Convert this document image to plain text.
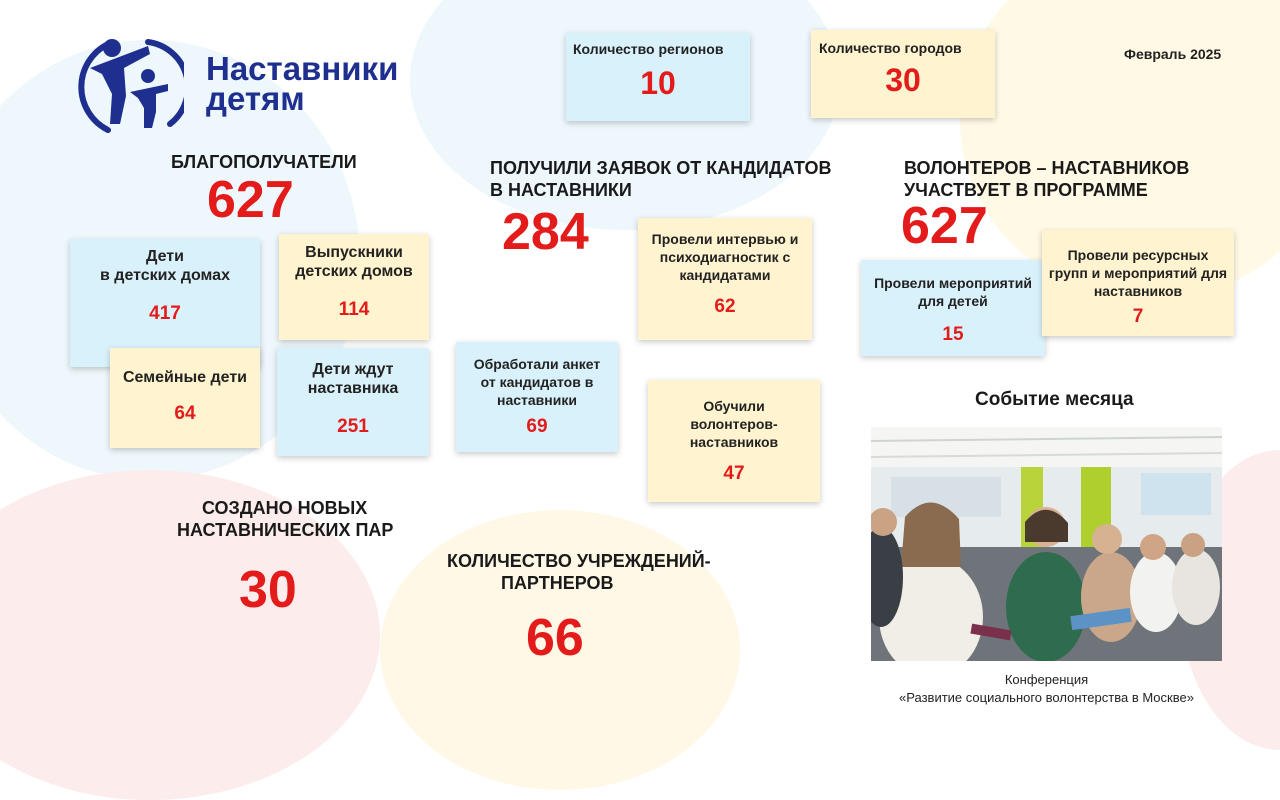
Наставники
детям
Февраль 2025
Количество регионов
10
Количество городов
30
БЛАГОПОЛУЧАТЕЛИ
627
Дети
в детских домах
417
Выпускники
детских домов
114
Семейные дети
64
Дети ждут
наставника
251
ПОЛУЧИЛИ ЗАЯВОК ОТ КАНДИДАТОВ
В НАСТАВНИКИ
284	Провели интервью и
психодиагностик с
кандидатами
62
Обработали анкет
от кандидатов в
наставники
69
Обучили
волонтеров-
наставников
47
ВОЛОНТЕРОВ – НАСТАВНИКОВ
УЧАСТВУЕТ В ПРОГРАММЕ
627
Провели мероприятий
для детей
15
Провели ресурсных
групп и мероприятий для
наставников
7
СОЗДАНО НОВЫХ
НАСТАВНИЧЕСКИХ ПАР
30	КОЛИЧЕСТВО УЧРЕЖДЕНИЙ-
ПАРТНЕРОВ
66
Событие месяца
Конференция
«Развитие социального волонтерства в Москве»
